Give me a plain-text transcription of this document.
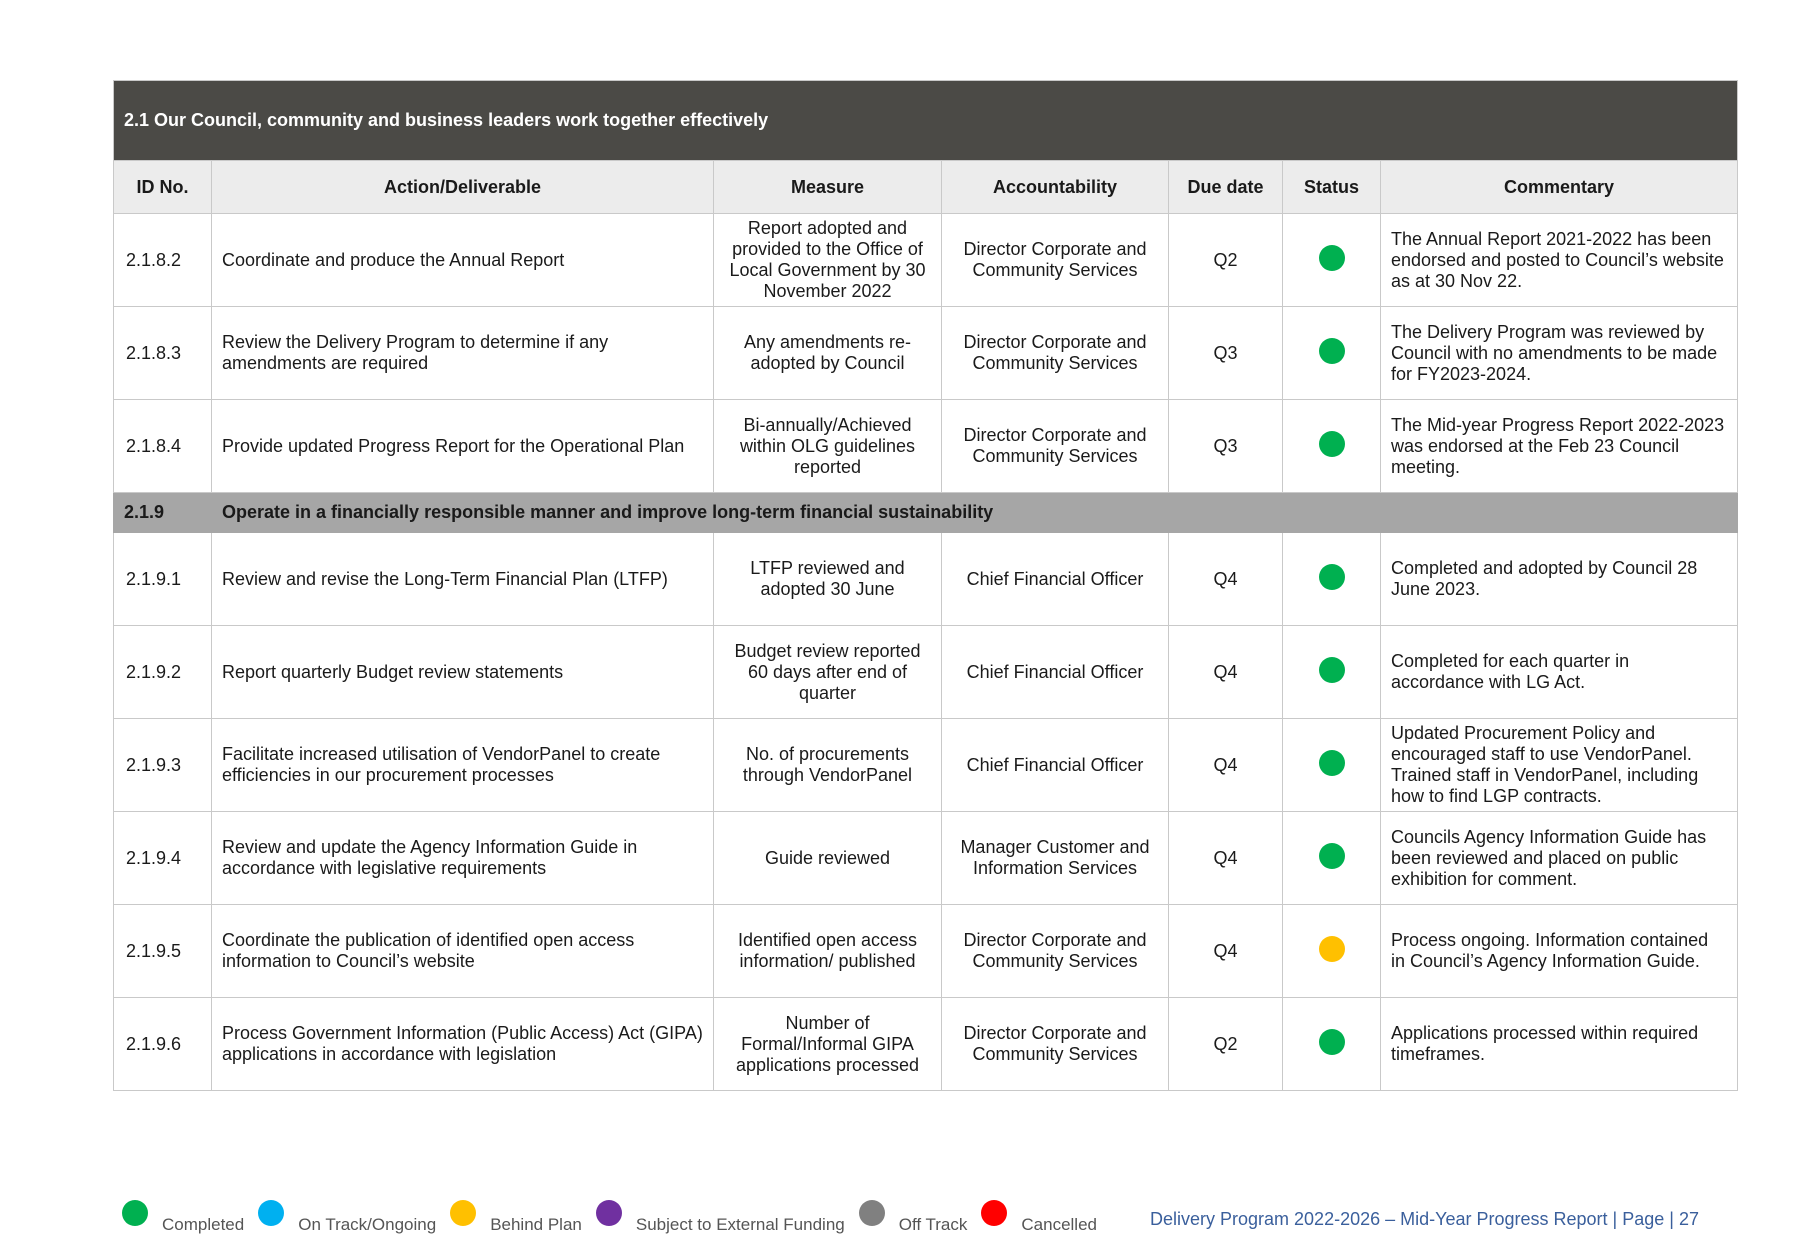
2.1 Our Council, community and business leaders work together effectively						
ID No.	Action/Deliverable	Measure	Accountability	Due date	Status	Commentary
2.1.8.2	Coordinate and produce the Annual Report	Report adopted and provided to the Office of Local Government by 30 November 2022	Director Corporate and Community Services	Q2		The Annual Report 2021-2022 has been endorsed and posted to Council’s website as at 30 Nov 22.
2.1.8.3	Review the Delivery Program to determine if any amendments are required	Any amendments re-adopted by Council	Director Corporate and Community Services	Q3		The Delivery Program was reviewed by Council with no amendments to be made for FY2023-2024.
2.1.8.4	Provide updated Progress Report for the Operational Plan	Bi-annually/Achieved within OLG guidelines reported	Director Corporate and Community Services	Q3		The Mid-year Progress Report 2022-2023 was endorsed at the Feb 23 Council meeting.
2.1.9	Operate in a financially responsible manner and improve long-term financial sustainability					
2.1.9.1	Review and revise the Long-Term Financial Plan (LTFP)	LTFP reviewed and adopted 30 June	Chief Financial Officer	Q4		Completed and adopted by Council 28 June 2023.
2.1.9.2	Report quarterly Budget review statements	Budget review reported 60 days after end of quarter	Chief Financial Officer	Q4		Completed for each quarter in accordance with LG Act.
2.1.9.3	Facilitate increased utilisation of VendorPanel to create efficiencies in our procurement processes	No. of procurements through VendorPanel	Chief Financial Officer	Q4		Updated Procurement Policy and encouraged staff to use VendorPanel. Trained staff in VendorPanel, including how to find LGP contracts.
2.1.9.4	Review and update the Agency Information Guide in accordance with legislative requirements	Guide reviewed	Manager Customer and Information Services	Q4		Councils Agency Information Guide has been reviewed and placed on public exhibition for comment.
2.1.9.5	Coordinate the publication of identified open access information to Council’s website	Identified open access information/ published	Director Corporate and Community Services	Q4		Process ongoing. Information contained in Council’s Agency Information Guide.
2.1.9.6	Process Government Information (Public Access) Act (GIPA) applications in accordance with legislation	Number of Formal/Informal GIPA applications processed	Director Corporate and Community Services	Q2		Applications processed within required timeframes.
Completed	On Track/Ongoing	Behind Plan	Subject to External Funding	Off Track	Cancelled	Delivery Program 2022-2026 – Mid-Year Progress Report | Page | 27
